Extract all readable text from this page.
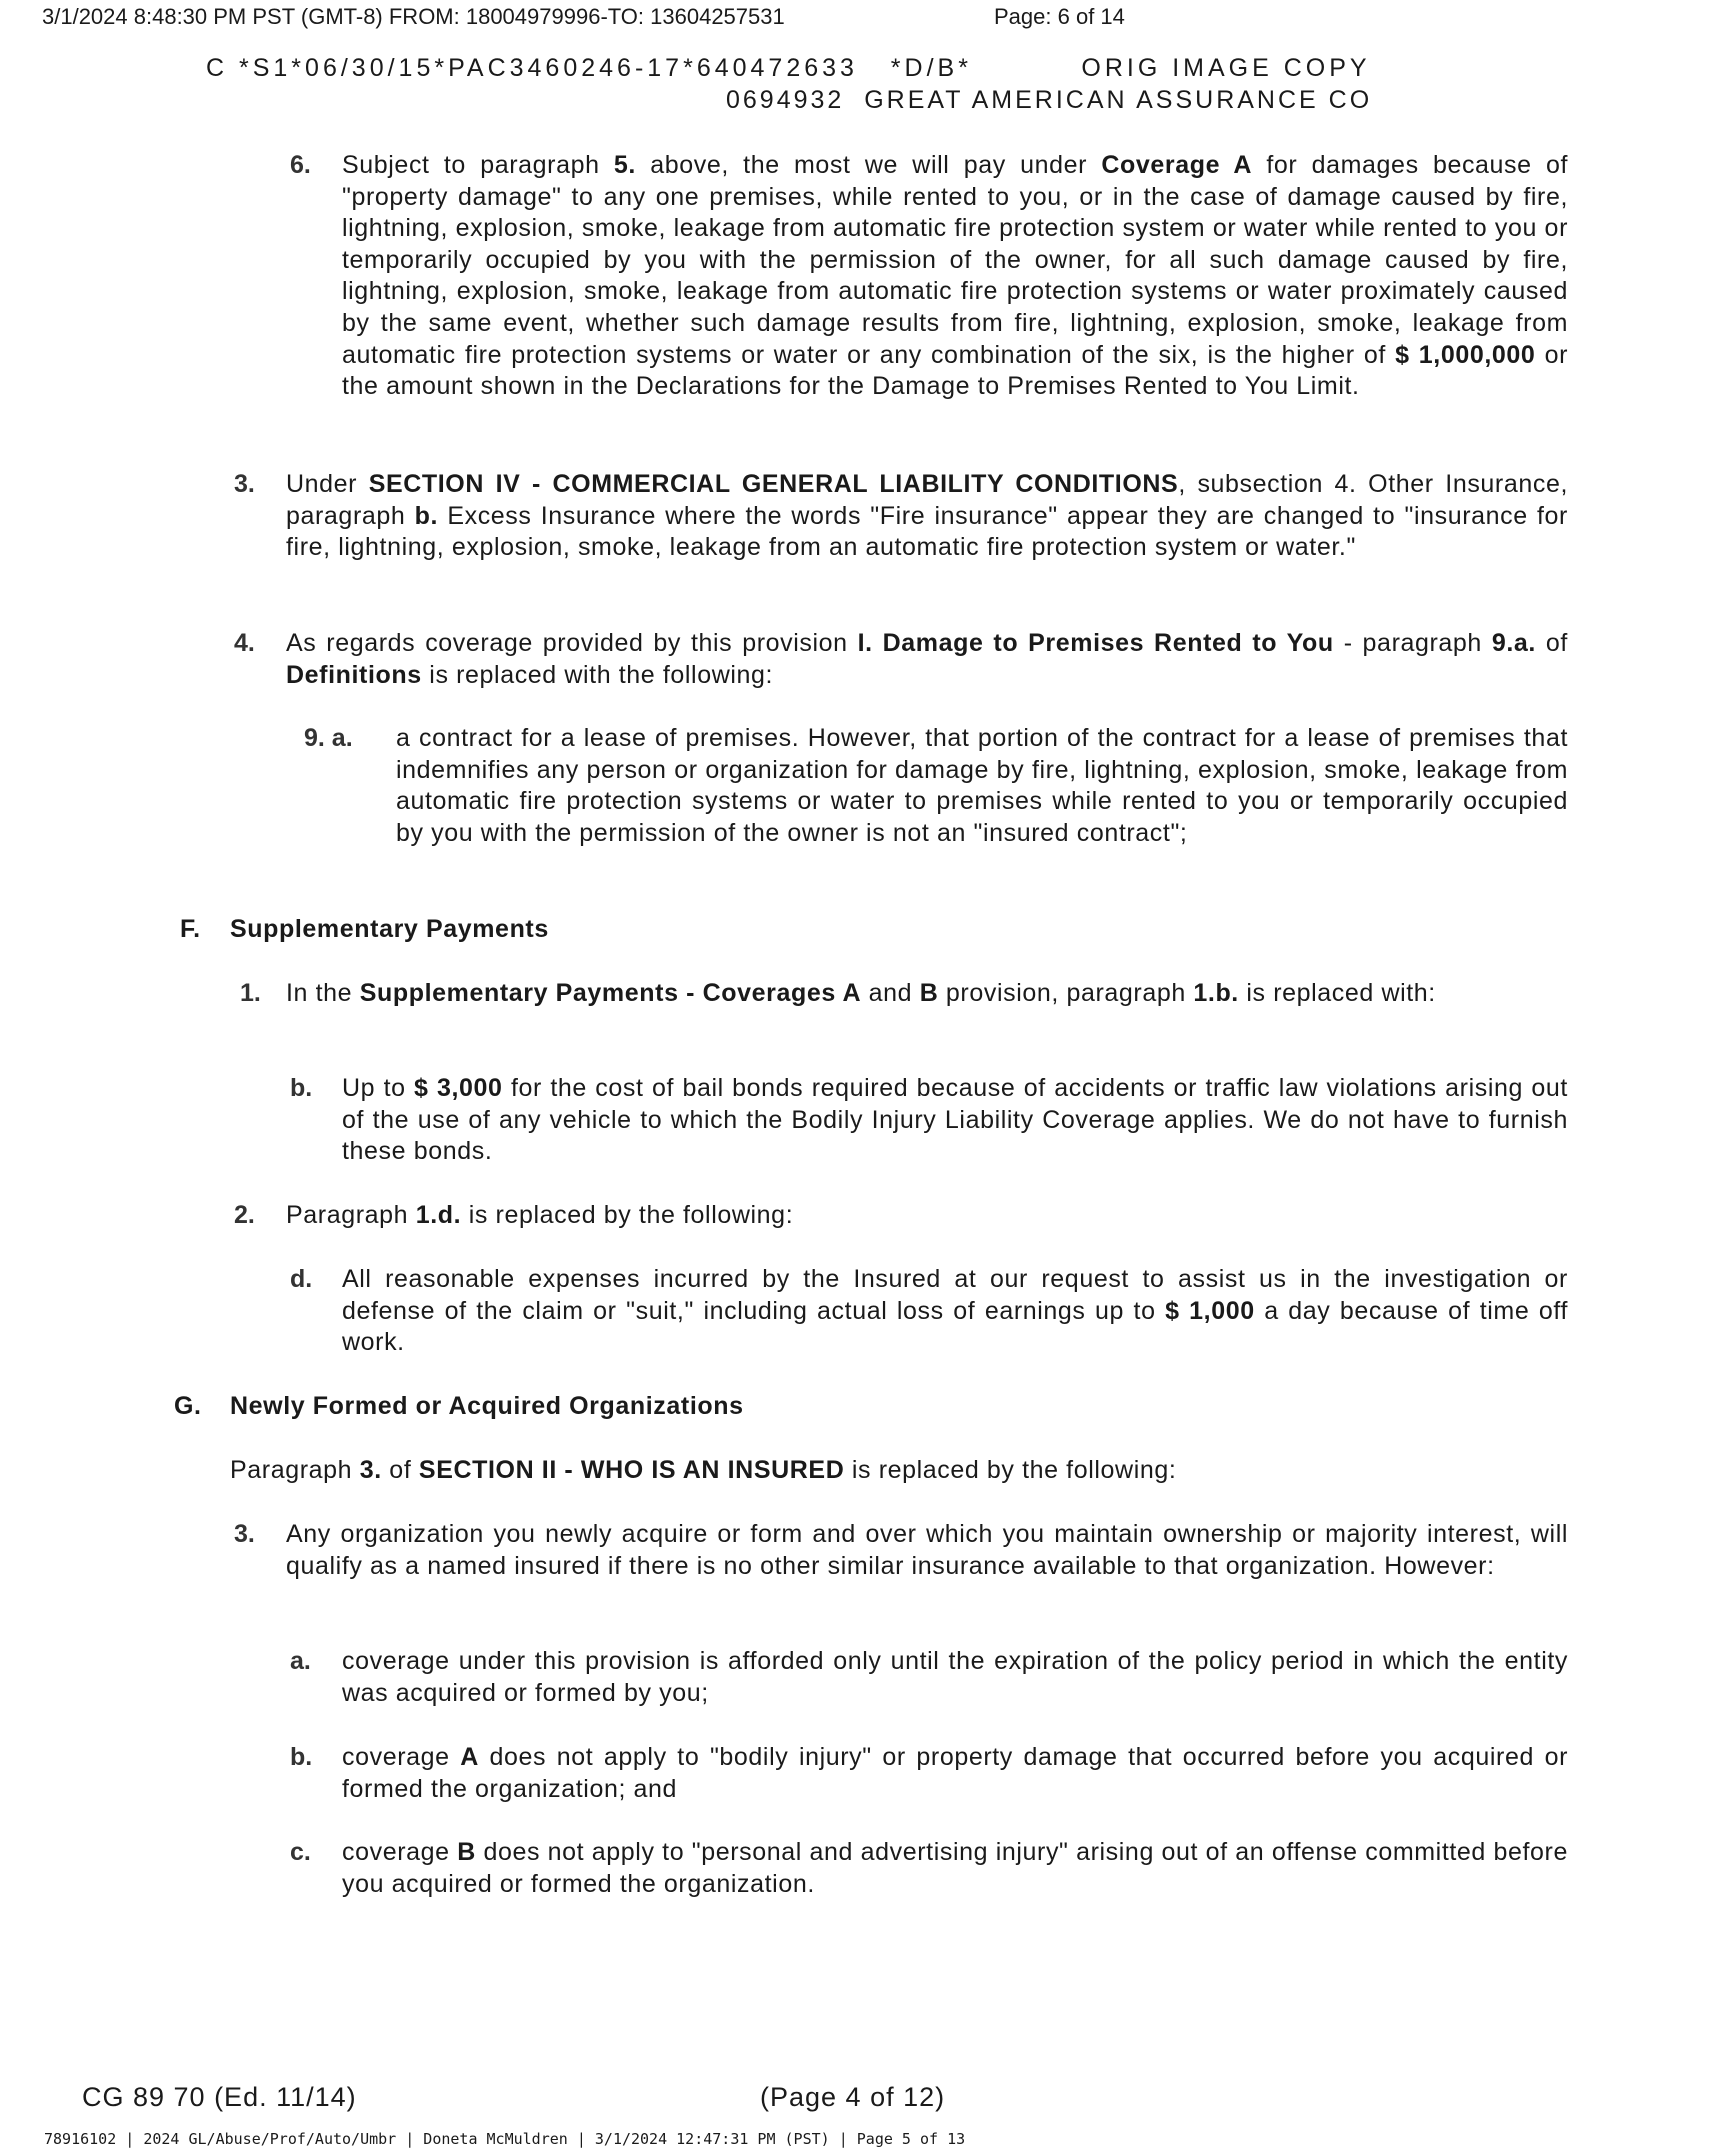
3/1/2024 8:48:30 PM PST (GMT-8) FROM: 18004979996-TO: 13604257531	Page: 6 of 14
C *S1*06/30/15*PAC3460246-17*640472633   *D/B*          ORIG IMAGE COPY
0694932  GREAT AMERICAN ASSURANCE CO
6. Subject to paragraph 5. above, the most we will pay under Coverage A for damages because of "property damage" to any one premises, while rented to you, or in the case of damage caused by fire, lightning, explosion, smoke, leakage from automatic fire protection system or water while rented to you or temporarily occupied by you with the permission of the owner, for all such damage caused by fire, lightning, explosion, smoke, leakage from automatic fire protection systems or water proximately caused by the same event, whether such damage results from fire, lightning, explosion, smoke, leakage from automatic fire protection systems or water or any combination of the six, is the higher of $ 1,000,000 or the amount shown in the Declarations for the Damage to Premises Rented to You Limit.
3. Under SECTION IV - COMMERCIAL GENERAL LIABILITY CONDITIONS, subsection 4. Other Insurance, paragraph b. Excess Insurance where the words "Fire insurance" appear they are changed to "insurance for fire, lightning, explosion, smoke, leakage from an automatic fire protection system or water."
4. As regards coverage provided by this provision I. Damage to Premises Rented to You - paragraph 9.a. of Definitions is replaced with the following:
9. a. a contract for a lease of premises. However, that portion of the contract for a lease of premises that indemnifies any person or organization for damage by fire, lightning, explosion, smoke, leakage from automatic fire protection systems or water to premises while rented to you or temporarily occupied by you with the permission of the owner is not an "insured contract";
F. Supplementary Payments
1. In the Supplementary Payments - Coverages A and B provision, paragraph 1.b. is replaced with:
b. Up to $ 3,000 for the cost of bail bonds required because of accidents or traffic law violations arising out of the use of any vehicle to which the Bodily Injury Liability Coverage applies. We do not have to furnish these bonds.
2. Paragraph 1.d. is replaced by the following:
d. All reasonable expenses incurred by the Insured at our request to assist us in the investigation or defense of the claim or "suit," including actual loss of earnings up to $ 1,000 a day because of time off work.
G. Newly Formed or Acquired Organizations
Paragraph 3. of SECTION II - WHO IS AN INSURED is replaced by the following:
3. Any organization you newly acquire or form and over which you maintain ownership or majority interest, will qualify as a named insured if there is no other similar insurance available to that organization. However:
a. coverage under this provision is afforded only until the expiration of the policy period in which the entity was acquired or formed by you;
b. coverage A does not apply to "bodily injury" or property damage that occurred before you acquired or formed the organization; and
c. coverage B does not apply to "personal and advertising injury" arising out of an offense committed before you acquired or formed the organization.
CG 89 70 (Ed. 11/14)	(Page 4 of 12)
78916102 | 2024 GL/Abuse/Prof/Auto/Umbr | Doneta McMuldren | 3/1/2024 12:47:31 PM (PST) | Page 5 of 13
